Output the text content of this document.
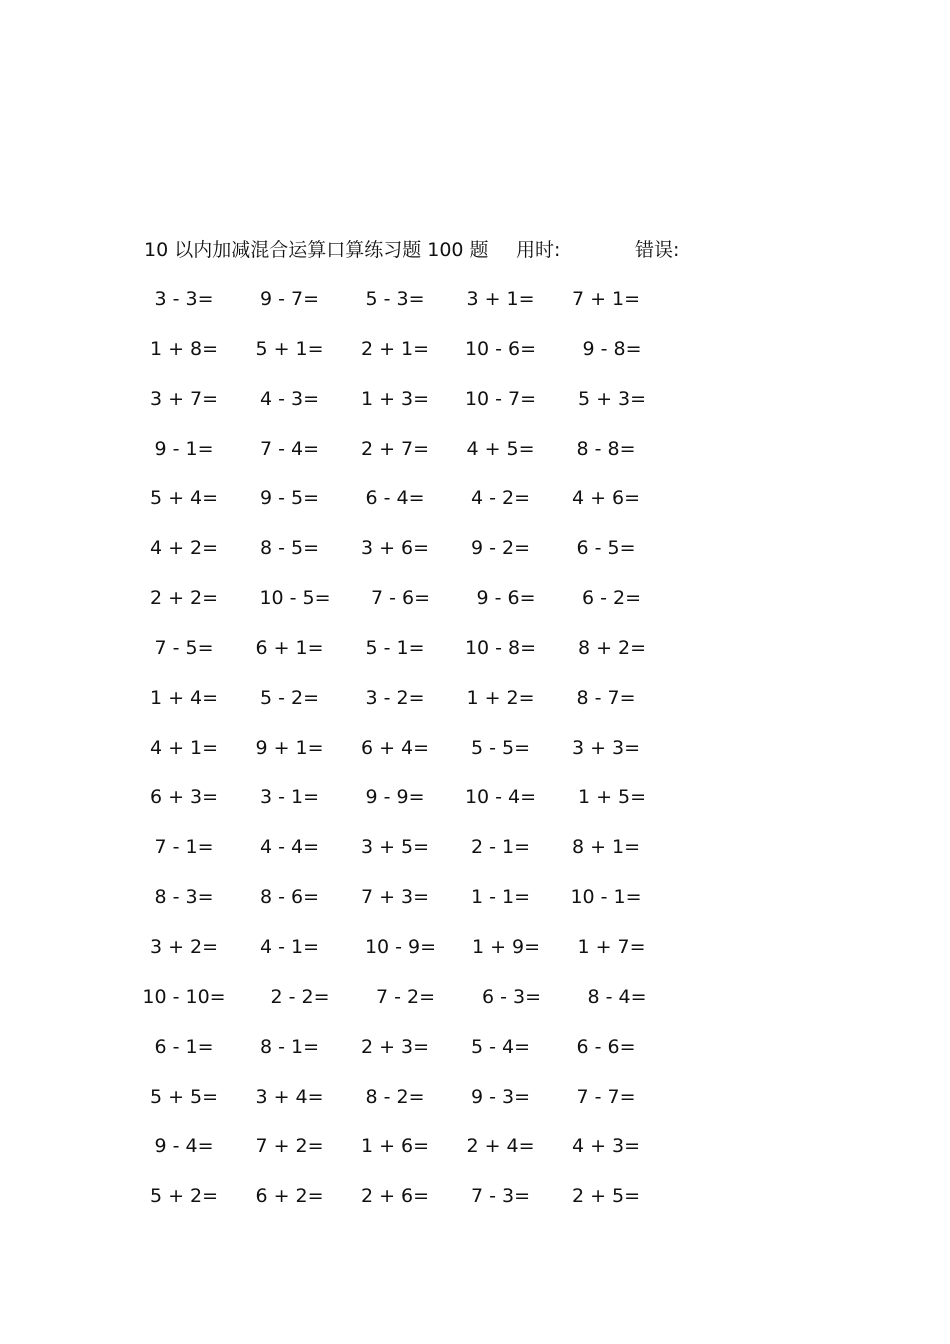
10 以内加减混合运算口算练习题 100 题 用时:	错误:
3 - 3=	9 - 7=	5 - 3=	3 + 1=	7 + 1=
1 + 8=	5 + 1=	2 + 1=	10 - 6=	9 - 8=
3 + 7=	4 - 3=	1 + 3=	10 - 7=	5 + 3=
9 - 1=	7 - 4=	2 + 7=	4 + 5=	8 - 8=
5 + 4=	9 - 5=	6 - 4=	4 - 2=	4 + 6=
4 + 2=	8 - 5=	3 + 6=	9 - 2=	6 - 5=
2 + 2=	10 - 5=	7 - 6=	9 - 6=	6 - 2=
7 - 5=	6 + 1=	5 - 1=	10 - 8=	8 + 2=
1 + 4=	5 - 2=	3 - 2=	1 + 2=	8 - 7=
4 + 1=	9 + 1=	6 + 4=	5 - 5=	3 + 3=
6 + 3=	3 - 1=	9 - 9=	10 - 4=	1 + 5=
7 - 1=	4 - 4=	3 + 5=	2 - 1=	8 + 1=
8 - 3=	8 - 6=	7 + 3=	1 - 1=	10 - 1=
3 + 2=	4 - 1=	10 - 9=	1 + 9=	1 + 7=
10 - 10=	2 - 2=	7 - 2=	6 - 3=	8 - 4=
6 - 1=	8 - 1=	2 + 3=	5 - 4=	6 - 6=
5 + 5=	3 + 4=	8 - 2=	9 - 3=	7 - 7=
9 - 4=	7 + 2=	1 + 6=	2 + 4=	4 + 3=
5 + 2=	6 + 2=	2 + 6=	7 - 3=	2 + 5=
